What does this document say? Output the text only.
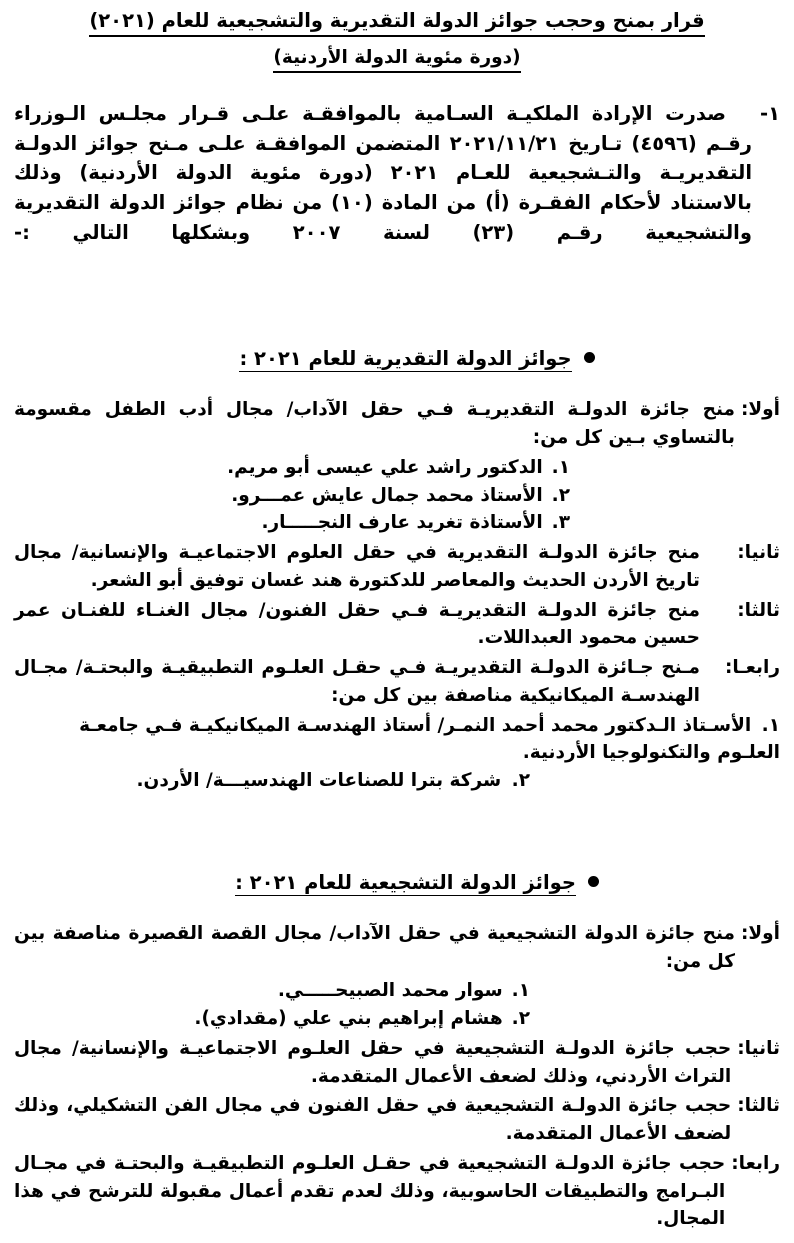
قرار بمنح وحجب جوائز الدولة التقديرية والتشجيعية للعام (٢٠٢١)
(دورة مئوية الدولة الأردنية)
١-
صدرت الإرادة الملكيـة السـامية بالموافقـة علـى قـرار مجلـس الـوزراء رقـم (٤٥٩٦) تـاريخ ٢٠٢١/١١/٢١ المتضمن الموافقـة علـى مـنح جوائز الدولـة التقديريـة والتـشجيعية للعـام ٢٠٢١ (دورة مئوية الدولة الأردنية) وذلك بالاستناد لأحكام الفقـرة (أ) من المادة (١٠) من نظام جوائز الدولة التقديرية والتشجيعية رقـم (٢٣) لسنة ٢٠٠٧ وبشكلها التالي :-
جوائز الدولة التقديرية للعام ٢٠٢١ :
أولا:
منح جائزة الدولـة التقديريـة فـي حقل الآداب/ مجال أدب الطفل مقسومة بالتساوي بـين كل من:
١.
الدكتور راشد علي عيسى أبو مريم.
٢.
الأستاذ محمد جمال عايش عمـــرو.
٣.
الأستاذة تغريد عارف النجـــــار.
ثانيا:
منح جائزة الدولـة التقديرية في حقل العلوم الاجتماعيـة والإنسانية/ مجال تاريخ الأردن الحديث والمعاصر للدكتورة هند غسان توفيق أبو الشعر.
ثالثا:
منح جائزة الدولـة التقديريـة فـي حقل الفنون/ مجال الغنـاء للفنـان عمر حسين محمود العبداللات.
رابعـا:
مـنح جـائزة الدولـة التقديريـة فـي حقـل العلـوم التطبيقيـة والبحتـة/ مجـال الهندسـة الميكانيكية مناصفة بين كل من:
١. الأسـتاذ الـدكتور محمد أحمد النمـر/ أستاذ الهندسـة الميكانيكيـة فـي جامعـة العلـوم والتكنولوجيا الأردنية.
٢. شركة بترا للصناعات الهندسيـــة/ الأردن.
جوائز الدولة التشجيعية للعام ٢٠٢١ :
أولا:
منح جائزة الدولة التشجيعية في حقل الآداب/ مجال القصة القصيرة مناصفة بين كل من:
١.
سوار محمد الصبيحـــــي.
٢.
هشام إبراهيم بني علي (مقدادي).
ثانيا:
حجب جائزة الدولـة التشجيعية في حقل العلـوم الاجتماعيـة والإنسانية/ مجال التراث الأردني، وذلك لضعف الأعمال المتقدمة.
ثالثا:
حجب جائزة الدولـة التشجيعية في حقل الفنون في مجال الفن التشكيلي، وذلك لضعف الأعمال المتقدمة.
رابعا:
حجب جائزة الدولـة التشجيعية في حقـل العلـوم التطبيقيـة والبحتـة في مجـال البـرامج والتطبيقات الحاسوبية، وذلك لعدم تقدم أعمال مقبولة للترشح في هذا المجال.
